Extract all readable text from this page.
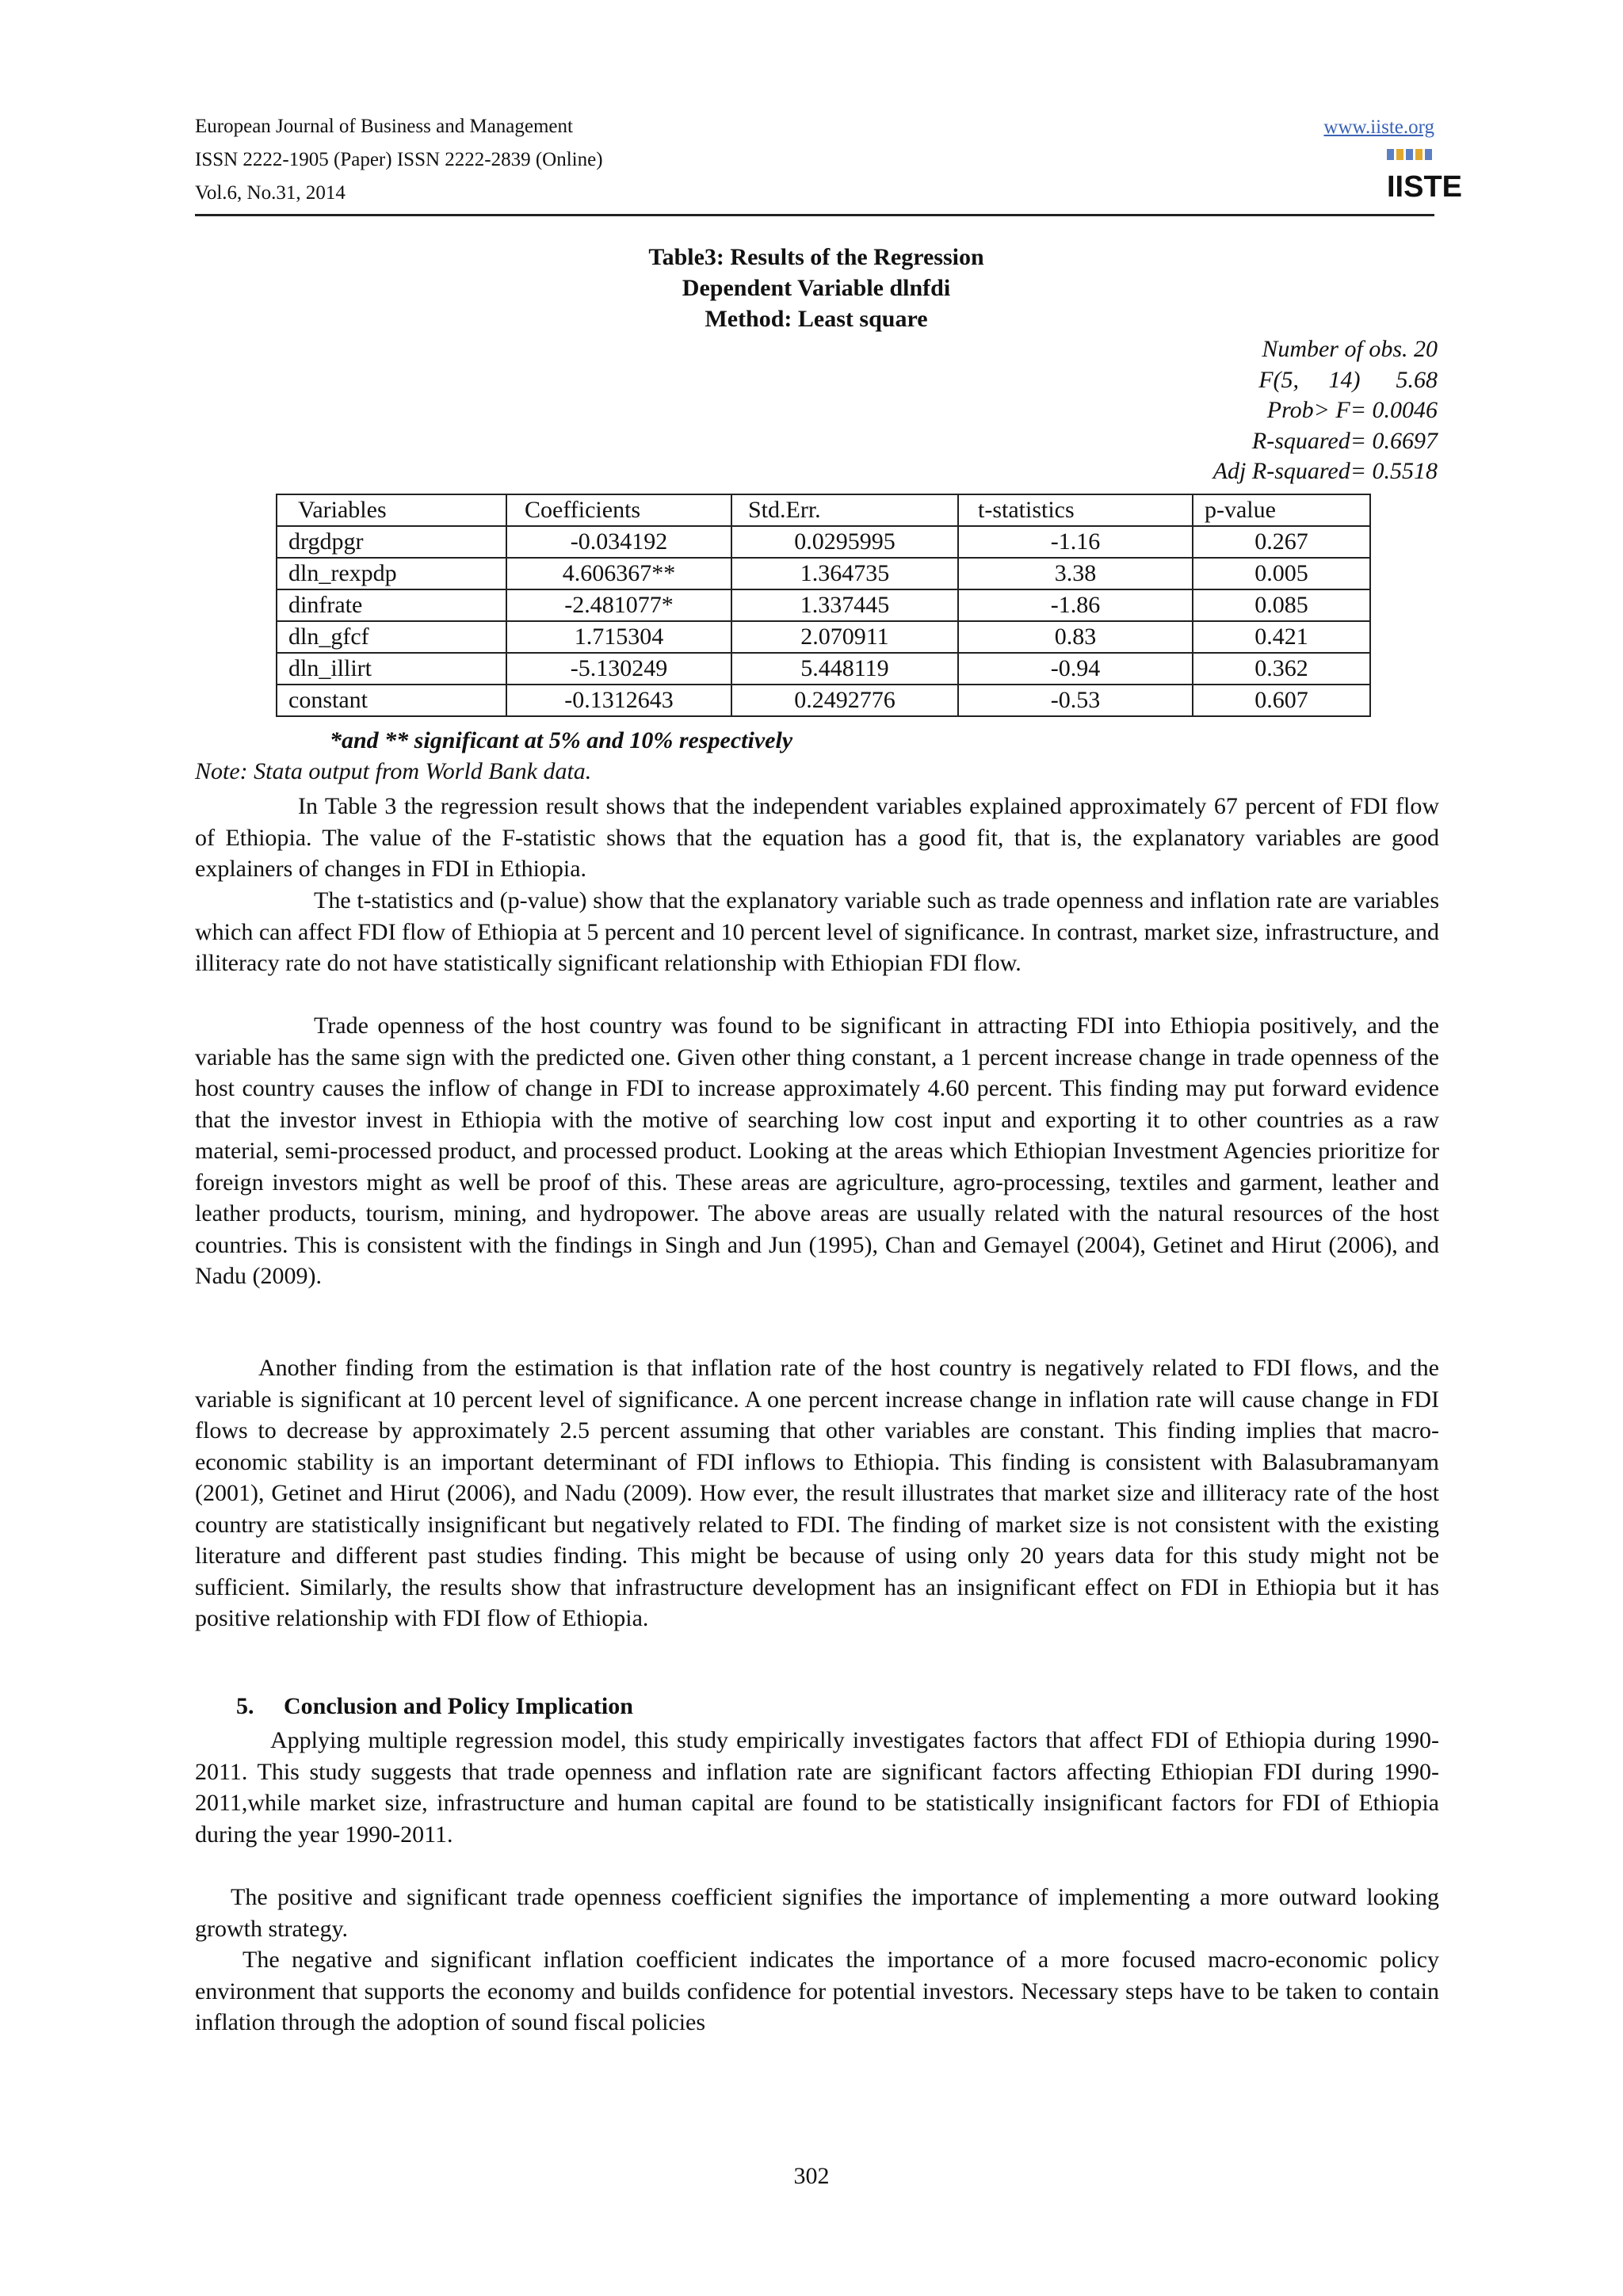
European Journal of Business and Management
ISSN 2222-1905 (Paper) ISSN 2222-2839 (Online)
Vol.6, No.31, 2014
www.iiste.org
IISTE
Table3: Results of the Regression
Dependent Variable dlnfdi
Method: Least square
Number of obs. 20
F(5,     14)      5.68
Prob> F= 0.0046
R-squared= 0.6697
Adj R-squared= 0.5518
Variables	Coefficients	Std.Err.	t-statistics	p-value
drgdpgr	-0.034192	0.0295995	-1.16	0.267
dln_rexpdp	4.606367**	1.364735	3.38	0.005
dinfrate	-2.481077*	1.337445	-1.86	0.085
dln_gfcf	1.715304	2.070911	0.83	0.421
dln_illirt	-5.130249	5.448119	-0.94	0.362
constant	-0.1312643	0.2492776	-0.53	0.607
*and ** significant at 5% and 10% respectively
Note: Stata output from World Bank data.

In Table 3 the regression result shows that the independent variables explained approximately 67 percent of FDI flow of Ethiopia. The value of the F-statistic shows that the equation has a good fit, that is, the explanatory variables are good explainers of changes in FDI in Ethiopia.

The t-statistics and (p-value) show that the explanatory variable such as trade openness and inflation rate are variables which can affect FDI flow of Ethiopia at 5 percent and 10 percent level of significance. In contrast, market size, infrastructure, and illiteracy rate do not have statistically significant relationship with Ethiopian FDI flow.

Trade openness of the host country was found to be significant in attracting FDI into Ethiopia positively, and the variable has the same sign with the predicted one. Given other thing constant, a 1 percent increase change in trade openness of the host country causes the inflow of change in FDI to increase approximately 4.60 percent. This finding may put forward evidence that the investor invest in Ethiopia with the motive of searching low cost input and exporting it to other countries as a raw material, semi-processed product, and processed product. Looking at the areas which Ethiopian Investment Agencies prioritize for foreign investors might as well be proof of this. These areas are agriculture, agro-processing, textiles and garment, leather and leather products, tourism, mining, and hydropower. The above areas are usually related with the natural resources of the host countries. This is consistent with the findings in Singh and Jun (1995), Chan and Gemayel (2004), Getinet and Hirut (2006), and Nadu (2009).

Another finding from the estimation is that inflation rate of the host country is negatively related to FDI flows, and the variable is significant at 10 percent level of significance. A one percent increase change in inflation rate will cause change in FDI flows to decrease by approximately 2.5 percent assuming that other variables are constant. This finding implies that macro-economic stability is an important determinant of FDI inflows to Ethiopia. This finding is consistent with Balasubramanyam (2001), Getinet and Hirut (2006), and Nadu (2009). How ever, the result illustrates that market size and illiteracy rate of the host country are statistically insignificant but negatively related to FDI. The finding of market size is not consistent with the existing literature and different past studies finding. This might be because of using only 20 years data for this study might not be sufficient. Similarly, the results show that infrastructure development has an insignificant effect on FDI in Ethiopia but it has positive relationship with FDI flow of Ethiopia.

5. Conclusion and Policy Implication

Applying multiple regression model, this study empirically investigates factors that affect FDI of Ethiopia during 1990-2011. This study suggests that trade openness and inflation rate are significant factors affecting Ethiopian FDI during 1990-2011,while market size, infrastructure and human capital are found to be statistically insignificant factors for FDI of Ethiopia during the year 1990-2011.

The positive and significant trade openness coefficient signifies the importance of implementing a more outward looking growth strategy.

The negative and significant inflation coefficient indicates the importance of a more focused macro-economic policy environment that supports the economy and builds confidence for potential investors. Necessary steps have to be taken to contain inflation through the adoption of sound fiscal policies

302
